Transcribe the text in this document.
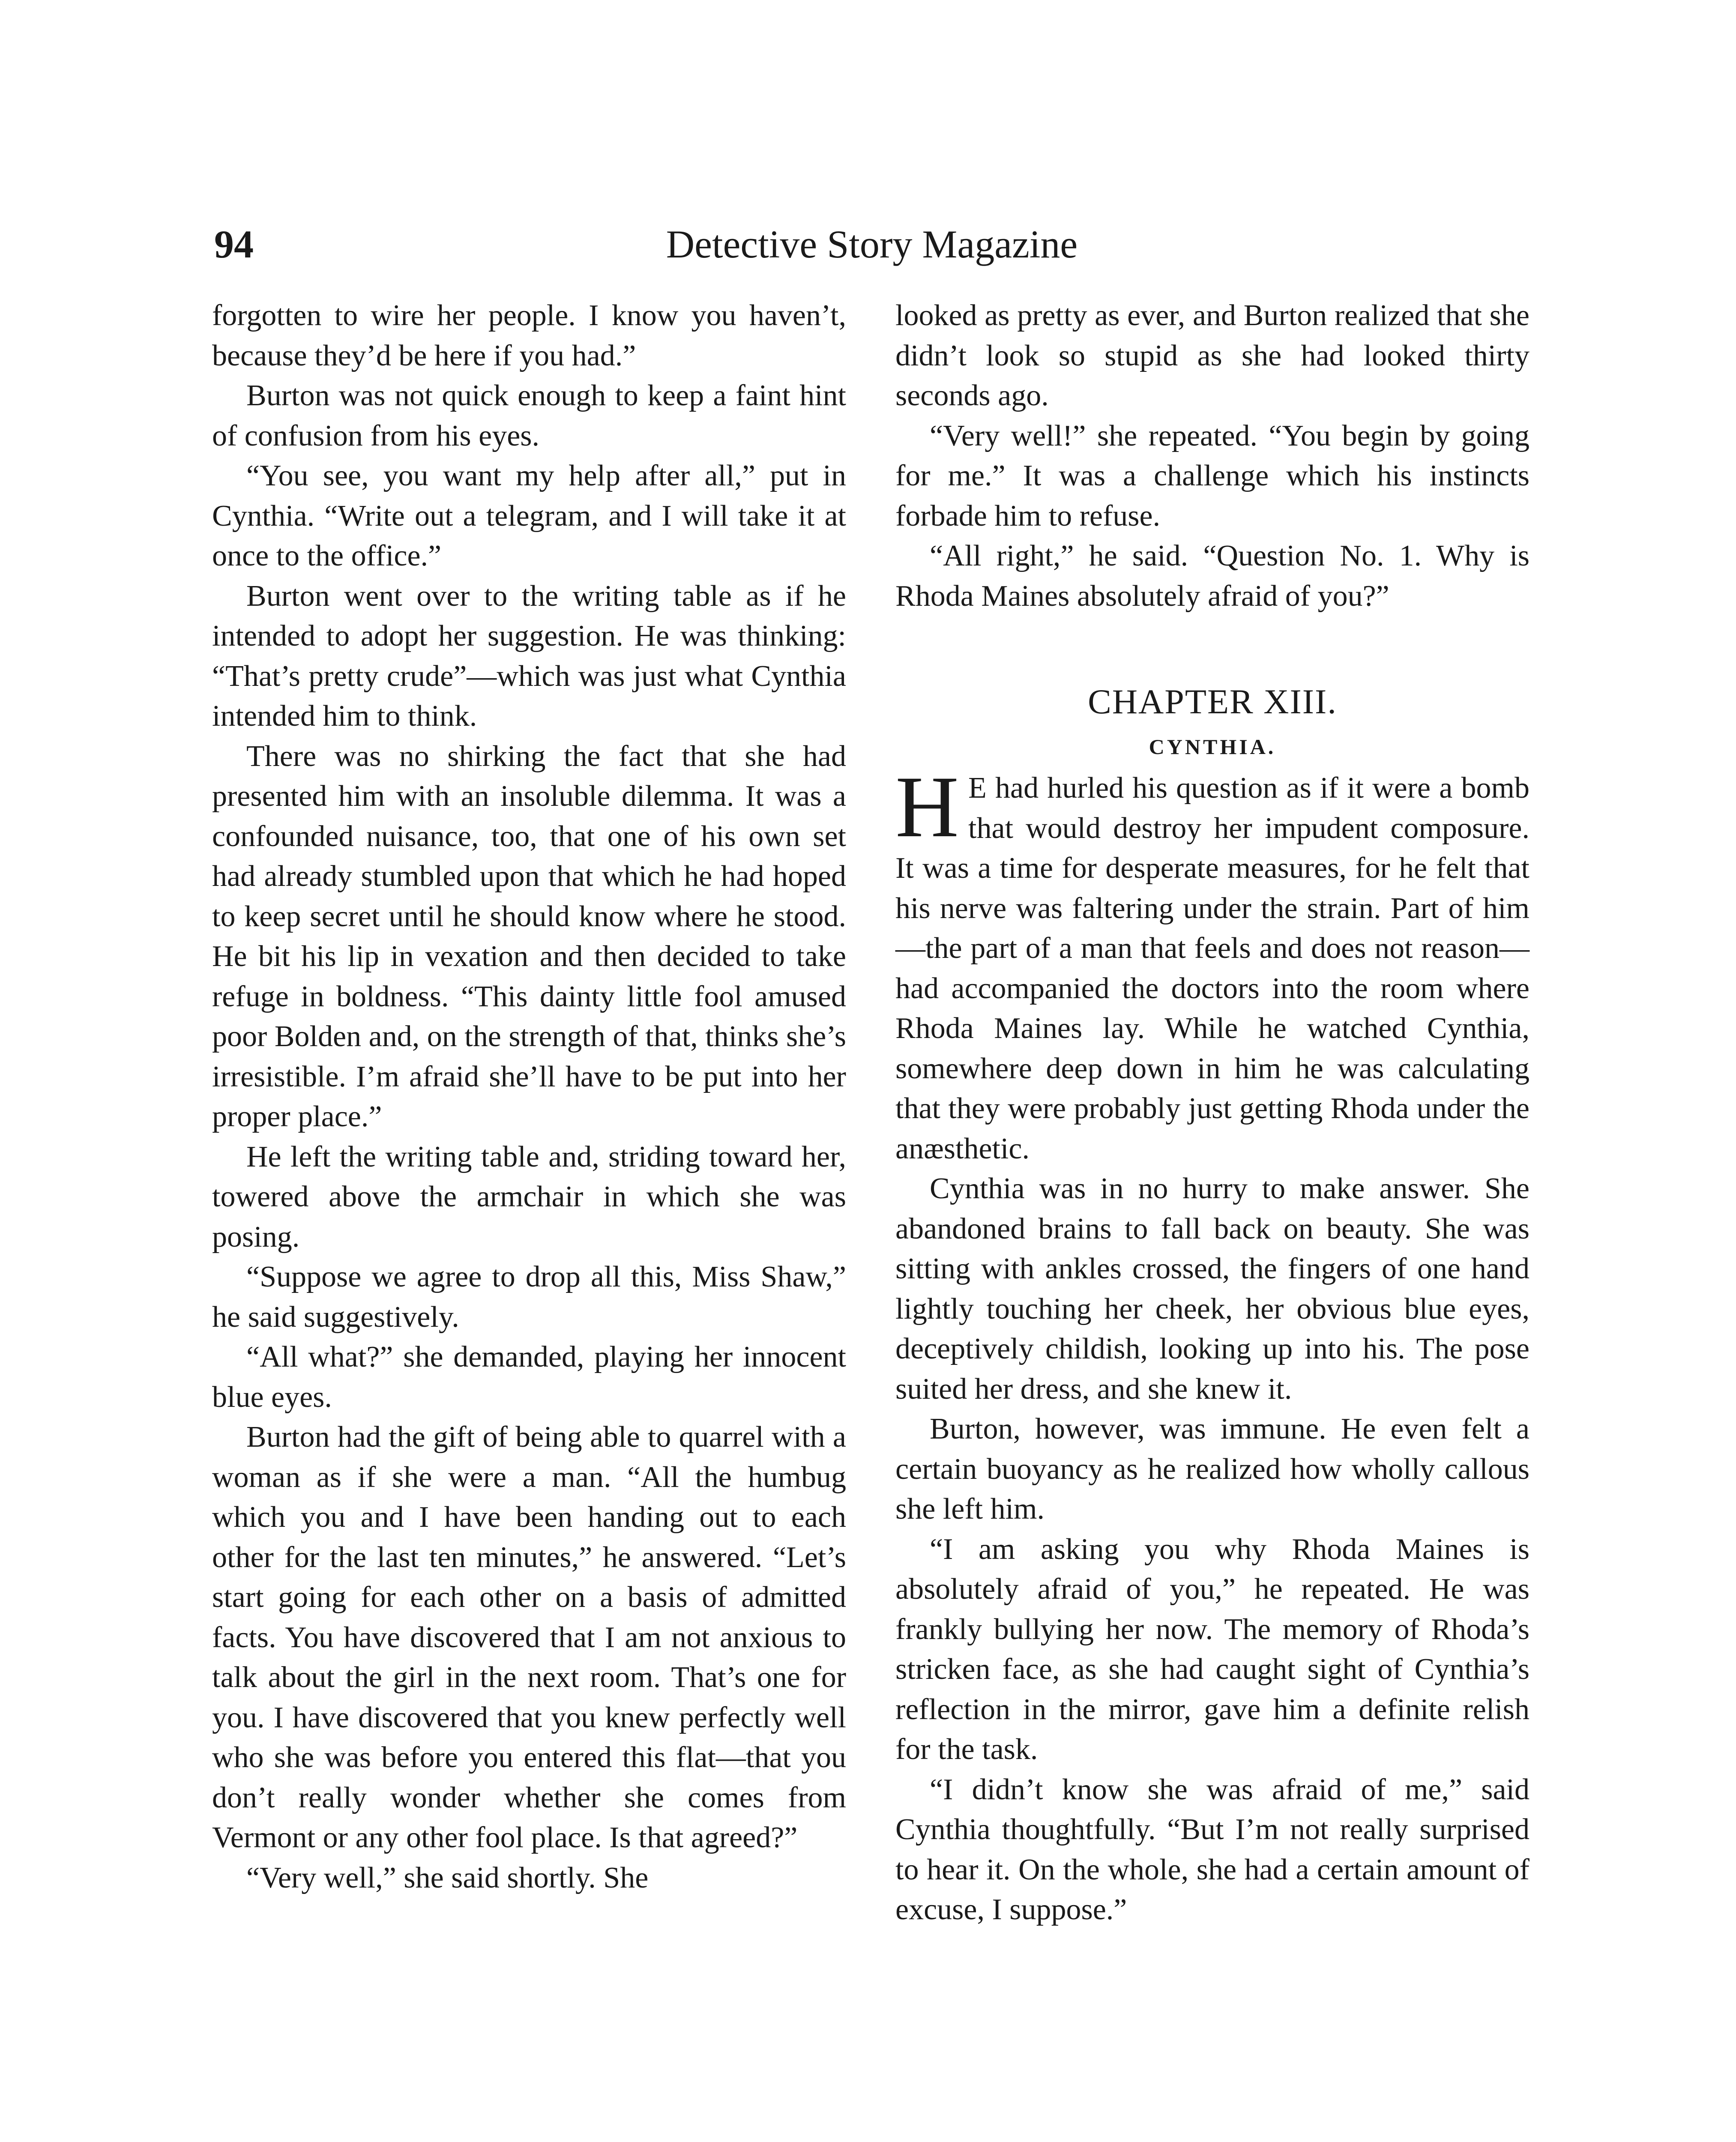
94	Detective Story Magazine

forgotten to wire her people. I know you haven’t, because they’d be here if you had.”

Burton was not quick enough to keep a faint hint of confusion from his eyes.

“You see, you want my help after all,” put in Cynthia. “Write out a telegram, and I will take it at once to the office.”

Burton went over to the writing table as if he intended to adopt her suggestion. He was thinking: “That’s pretty crude”—which was just what Cynthia intended him to think.

There was no shirking the fact that she had presented him with an insoluble dilemma. It was a confounded nuisance, too, that one of his own set had already stumbled upon that which he had hoped to keep secret until he should know where he stood. He bit his lip in vexation and then decided to take refuge in boldness. “This dainty little fool amused poor Bolden and, on the strength of that, thinks she’s irresistible. I’m afraid she’ll have to be put into her proper place.”

He left the writing table and, striding toward her, towered above the armchair in which she was posing.

“Suppose we agree to drop all this, Miss Shaw,” he said suggestively.

“All what?” she demanded, playing her innocent blue eyes.

Burton had the gift of being able to quarrel with a woman as if she were a man. “All the humbug which you and I have been handing out to each other for the last ten minutes,” he answered. “Let’s start going for each other on a basis of admitted facts. You have discovered that I am not anxious to talk about the girl in the next room. That’s one for you. I have discovered that you knew perfectly well who she was before you entered this flat—that you don’t really wonder whether she comes from Vermont or any other fool place. Is that agreed?”

“Very well,” she said shortly. She

looked as pretty as ever, and Burton realized that she didn’t look so stupid as she had looked thirty seconds ago.

“Very well!” she repeated. “You begin by going for me.” It was a challenge which his instincts forbade him to refuse.

“All right,” he said. “Question No. 1. Why is Rhoda Maines absolutely afraid of you?”

CHAPTER XIII.
CYNTHIA.

H E had hurled his question as if it were a bomb that would destroy her impudent composure. It was a time for desperate measures, for he felt that his nerve was faltering under the strain. Part of him—the part of a man that feels and does not reason—had accompanied the doctors into the room where Rhoda Maines lay. While he watched Cynthia, somewhere deep down in him he was calculating that they were probably just getting Rhoda under the anæsthetic.

Cynthia was in no hurry to make answer. She abandoned brains to fall back on beauty. She was sitting with ankles crossed, the fingers of one hand lightly touching her cheek, her obvious blue eyes, deceptively childish, looking up into his. The pose suited her dress, and she knew it.

Burton, however, was immune. He even felt a certain buoyancy as he realized how wholly callous she left him.

“I am asking you why Rhoda Maines is absolutely afraid of you,” he repeated. He was frankly bullying her now. The memory of Rhoda’s stricken face, as she had caught sight of Cynthia’s reflection in the mirror, gave him a definite relish for the task.

“I didn’t know she was afraid of me,” said Cynthia thoughtfully. “But I’m not really surprised to hear it. On the whole, she had a certain amount of excuse, I suppose.”
